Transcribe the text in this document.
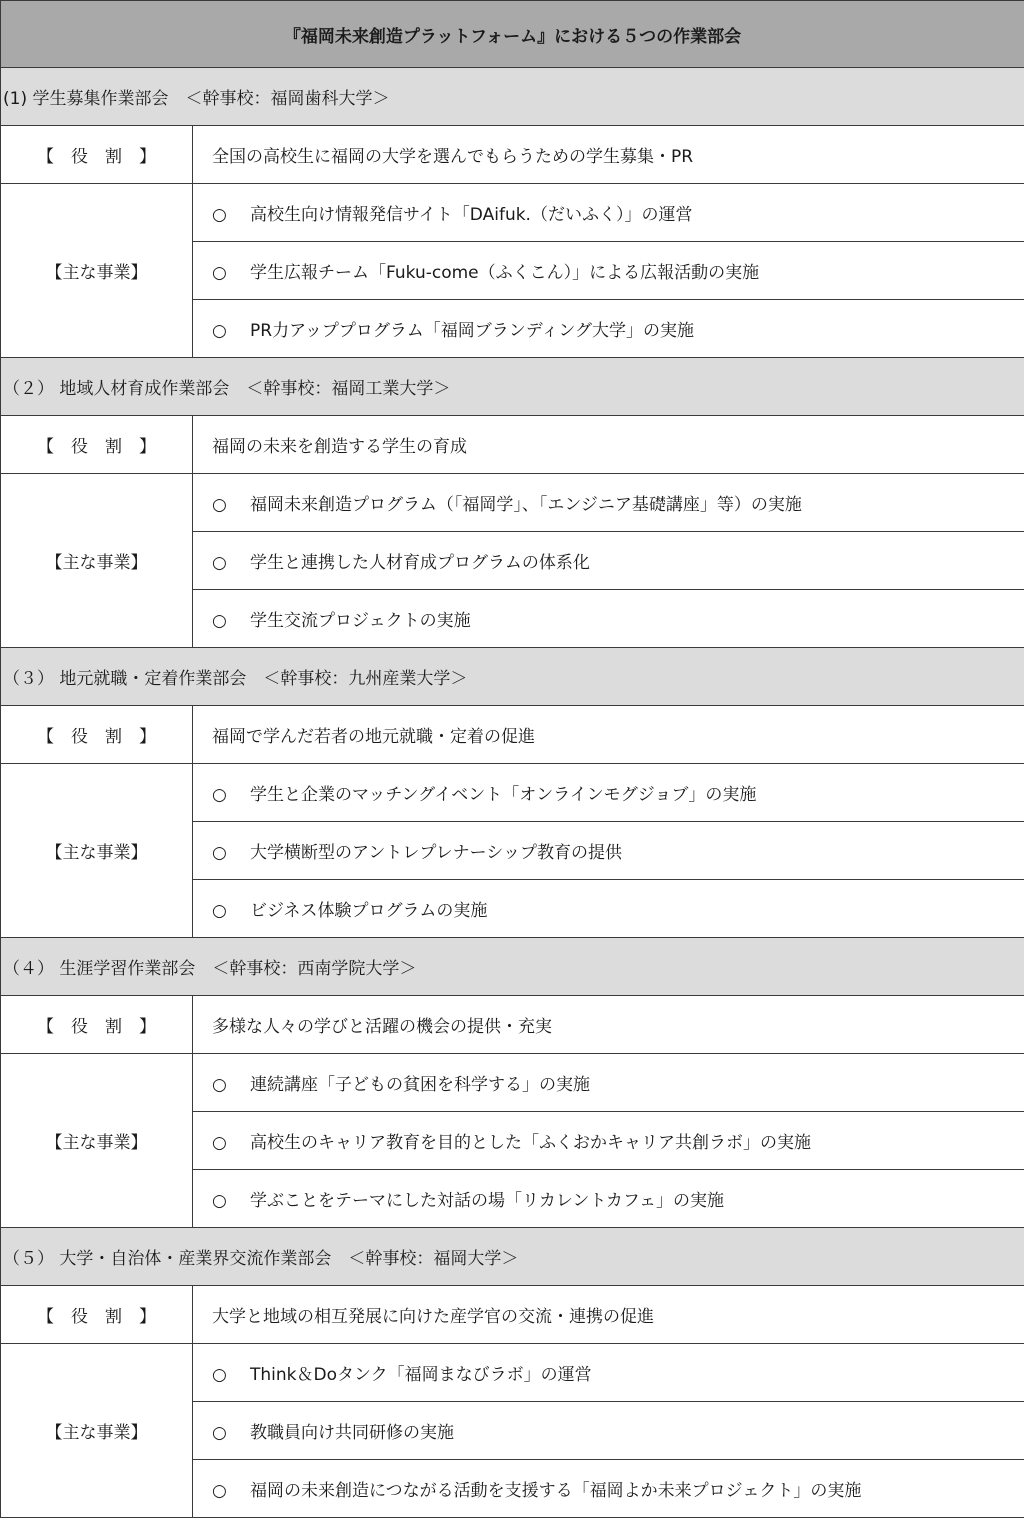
『福岡未来創造プラットフォーム』における５つの作業部会	
(1) 学生募集作業部会　＜幹事校：福岡歯科大学＞	
【　役　割　】	全国の高校生に福岡の大学を選んでもらうための学生募集・PR
【主な事業】	○ 高校生向け情報発信サイト「DAifuk.（だいふく）」の運営
	○ 学生広報チーム「Fuku-come（ふくこん）」による広報活動の実施
	○ PR力アッププログラム「福岡ブランディング大学」の実施
（２） 地域人材育成作業部会　＜幹事校：福岡工業大学＞	
【　役　割　】	福岡の未来を創造する学生の育成
【主な事業】	○ 福岡未来創造プログラム（「福岡学」、「エンジニア基礎講座」等）の実施
	○ 学生と連携した人材育成プログラムの体系化
	○ 学生交流プロジェクトの実施
（３） 地元就職・定着作業部会　＜幹事校：九州産業大学＞	
【　役　割　】	福岡で学んだ若者の地元就職・定着の促進
【主な事業】	○ 学生と企業のマッチングイベント「オンラインモグジョブ」の実施
	○ 大学横断型のアントレプレナーシップ教育の提供
	○ ビジネス体験プログラムの実施
（４） 生涯学習作業部会　＜幹事校：西南学院大学＞	
【　役　割　】	多様な人々の学びと活躍の機会の提供・充実
【主な事業】	○ 連続講座「子どもの貧困を科学する」の実施
	○ 高校生のキャリア教育を目的とした「ふくおかキャリア共創ラボ」の実施
	○ 学ぶことをテーマにした対話の場「リカレントカフェ」の実施
（５） 大学・自治体・産業界交流作業部会　＜幹事校：福岡大学＞	
【　役　割　】	大学と地域の相互発展に向けた産学官の交流・連携の促進
【主な事業】	○ Think＆Doタンク「福岡まなびラボ」の運営
	○ 教職員向け共同研修の実施
	○ 福岡の未来創造につながる活動を支援する「福岡よか未来プロジェクト」の実施
